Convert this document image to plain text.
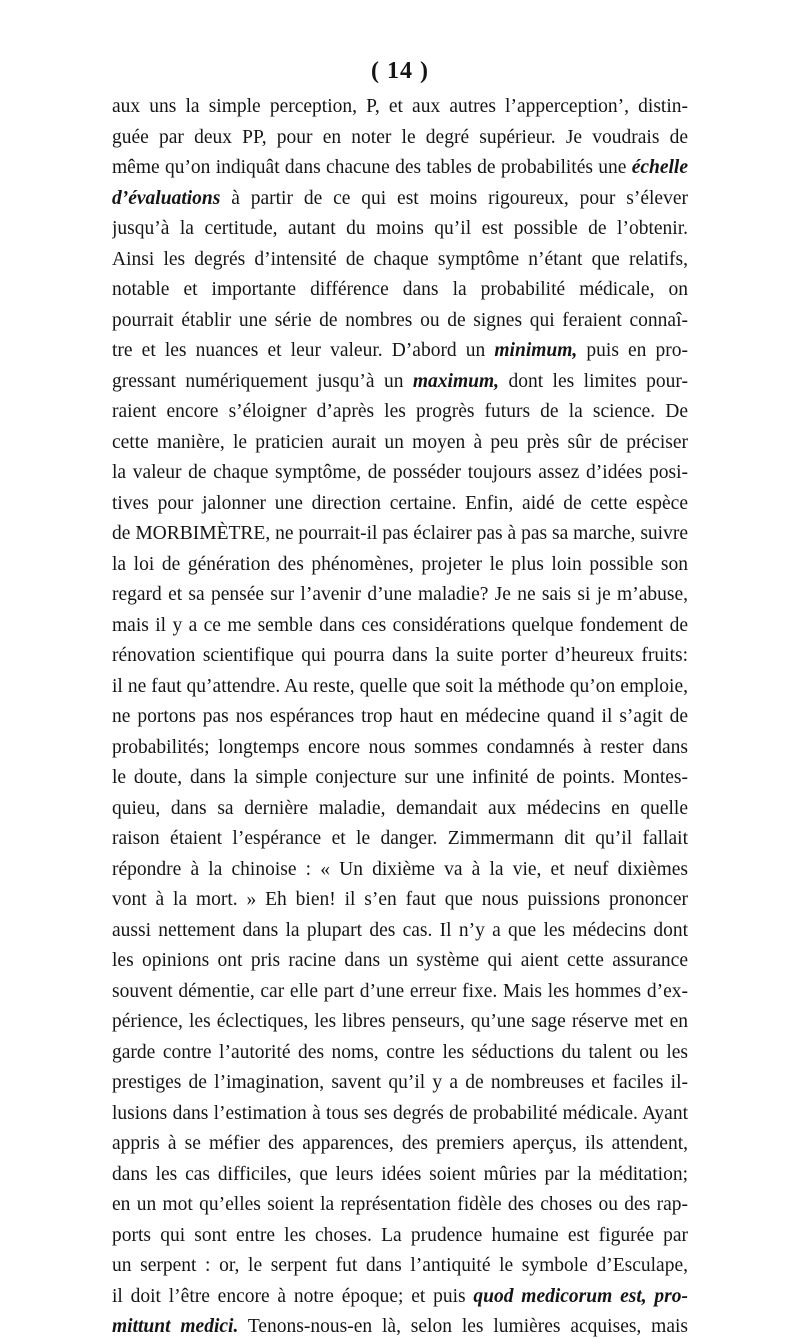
( 14 )
aux uns la simple perception, P, et aux autres l’apperception’, distin-
guée par deux PP, pour en noter le degré supérieur. Je voudrais de
même qu’on indiquât dans chacune des tables de probabilités une échelle
d’évaluations à partir de ce qui est moins rigoureux, pour s’élever
jusqu’à la certitude, autant du moins qu’il est possible de l’obtenir.
Ainsi les degrés d’intensité de chaque symptôme n’étant que relatifs,
notable et importante différence dans la probabilité médicale, on
pourrait établir une série de nombres ou de signes qui feraient connaî-
tre et les nuances et leur valeur. D’abord un minimum, puis en pro-
gressant numériquement jusqu’à un maximum, dont les limites pour-
raient encore s’éloigner d’après les progrès futurs de la science. De
cette manière, le praticien aurait un moyen à peu près sûr de préciser
la valeur de chaque symptôme, de posséder toujours assez d’idées posi-
tives pour jalonner une direction certaine. Enfin, aidé de cette espèce
de MORBIMÈTRE, ne pourrait-il pas éclairer pas à pas sa marche, suivre
la loi de génération des phénomènes, projeter le plus loin possible son
regard et sa pensée sur l’avenir d’une maladie? Je ne sais si je m’abuse,
mais il y a ce me semble dans ces considérations quelque fondement de
rénovation scientifique qui pourra dans la suite porter d’heureux fruits:
il ne faut qu’attendre. Au reste, quelle que soit la méthode qu’on emploie,
ne portons pas nos espérances trop haut en médecine quand il s’agit de
probabilités; longtemps encore nous sommes condamnés à rester dans
le doute, dans la simple conjecture sur une infinité de points. Montes-
quieu, dans sa dernière maladie, demandait aux médecins en quelle
raison étaient l’espérance et le danger. Zimmermann dit qu’il fallait
répondre à la chinoise : « Un dixième va à la vie, et neuf dixièmes
vont à la mort. » Eh bien! il s’en faut que nous puissions prononcer
aussi nettement dans la plupart des cas. Il n’y a que les médecins dont
les opinions ont pris racine dans un système qui aient cette assurance
souvent démentie, car elle part d’une erreur fixe. Mais les hommes d’ex-
périence, les éclectiques, les libres penseurs, qu’une sage réserve met en
garde contre l’autorité des noms, contre les séductions du talent ou les
prestiges de l’imagination, savent qu’il y a de nombreuses et faciles il-
lusions dans l’estimation à tous ses degrés de probabilité médicale. Ayant
appris à se méfier des apparences, des premiers aperçus, ils attendent,
dans les cas difficiles, que leurs idées soient mûries par la méditation;
en un mot qu’elles soient la représentation fidèle des choses ou des rap-
ports qui sont entre les choses. La prudence humaine est figurée par
un serpent : or, le serpent fut dans l’antiquité le symbole d’Esculape,
il doit l’être encore à notre époque; et puis quod medicorum est, pro-
mittunt medici. Tenons-nous-en là, selon les lumières acquises, mais
